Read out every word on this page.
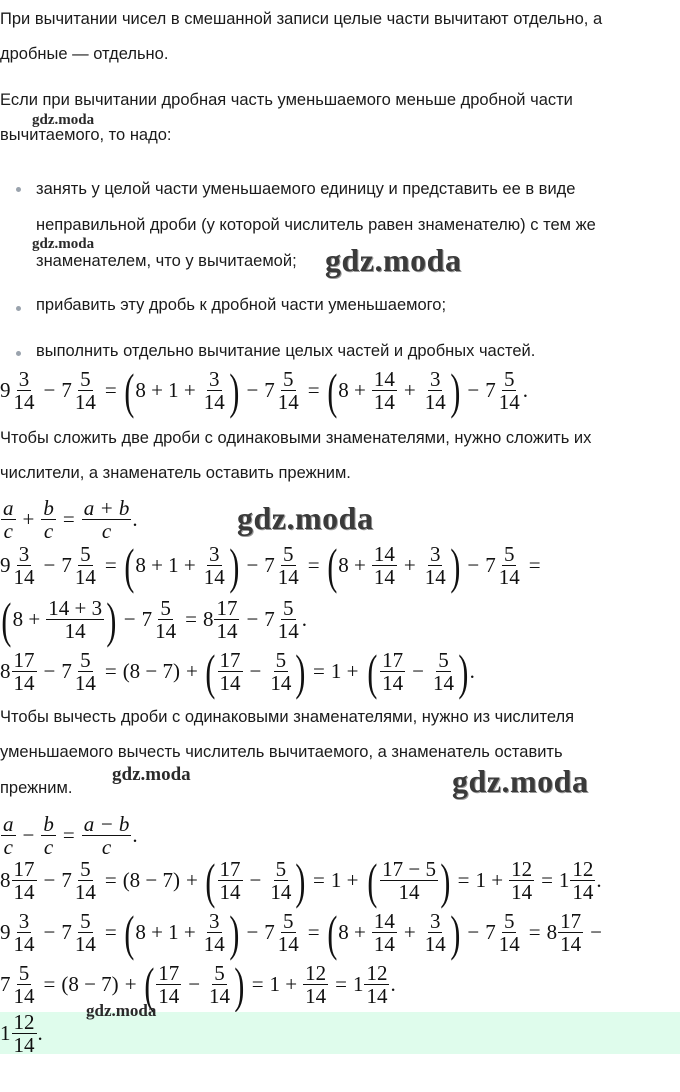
При вычитании чисел в смешанной записи целые части вычитают отдельно, а

дробные — отдельно.

Если при вычитании дробная часть уменьшаемого меньше дробной части

вычитаемого, то надо:

занять у целой части уменьшаемого единицу и представить ее в виде
неправильной дроби (у которой числитель равен знаменателю) с тем же
знаменателем, что у вычитаемой;
прибавить эту дробь к дробной части уменьшаемого;
выполнить отдельно вычитание целых частей и дробных частей.
$9 \frac{3}{14} - 7 \frac{5}{14}$ = ( $8 + 1 + \frac{3}{14}$ ) − $7 \frac{5}{14}$ = ( $8 + \frac{14}{14} + \frac{3}{14}$ ) − $7 \frac{5}{14}$ .

Чтобы сложить две дроби с одинаковыми знаменателями, нужно сложить их

числители, а знаменатель оставить прежним.

$\frac{a}{c} + \frac{b}{c} = \frac{a + b}{c}$ .
$9 \frac{3}{14} - 7 \frac{5}{14}$ = ( $8 + 1 + \frac{3}{14}$ ) − $7 \frac{5}{14}$ = ( $8 + \frac{14}{14} + \frac{3}{14}$ ) − $7 \frac{5}{14}$ =
( $8 + \frac{14 + 3}{14}$ ) − $7 \frac{5}{14} = 8 \frac{17}{14} - 7 \frac{5}{14}$ .
$8 \frac{17}{14} - 7 \frac{5}{14} = (8 - 7)$ + ( $\frac{17}{14} - \frac{5}{14}$ ) = 1 + ( $\frac{17}{14} - \frac{5}{14}$ ) .

Чтобы вычесть дроби с одинаковыми знаменателями, нужно из числителя

уменьшаемого вычесть числитель вычитаемого, а знаменатель оставить

прежним.

$\frac{a}{c} - \frac{b}{c} = \frac{a - b}{c}$ .
$8 \frac{17}{14} - 7 \frac{5}{14} = (8 - 7)$ + ( $\frac{17}{14} - \frac{5}{14}$ ) = 1 + ( $\frac{17 - 5}{14}$ ) = $1 + \frac{12}{14} = 1 \frac{12}{14}$ .
$9 \frac{3}{14} - 7 \frac{5}{14}$ = ( $8 + 1 + \frac{3}{14}$ ) − $7 \frac{5}{14}$ = ( $8 + \frac{14}{14} + \frac{3}{14}$ ) − $7 \frac{5}{14} = 8 \frac{17}{14}$ −
$7 \frac{5}{14} = (8 - 7)$ + ( $\frac{17}{14} - \frac{5}{14}$ ) = $1 + \frac{12}{14} = 1 \frac{12}{14}$ .
$1 \frac{12}{14}$ .
gdz.moda
gdz.moda	gdz.moda
gdz.moda
gdz.moda	gdz.moda
gdz.moda
